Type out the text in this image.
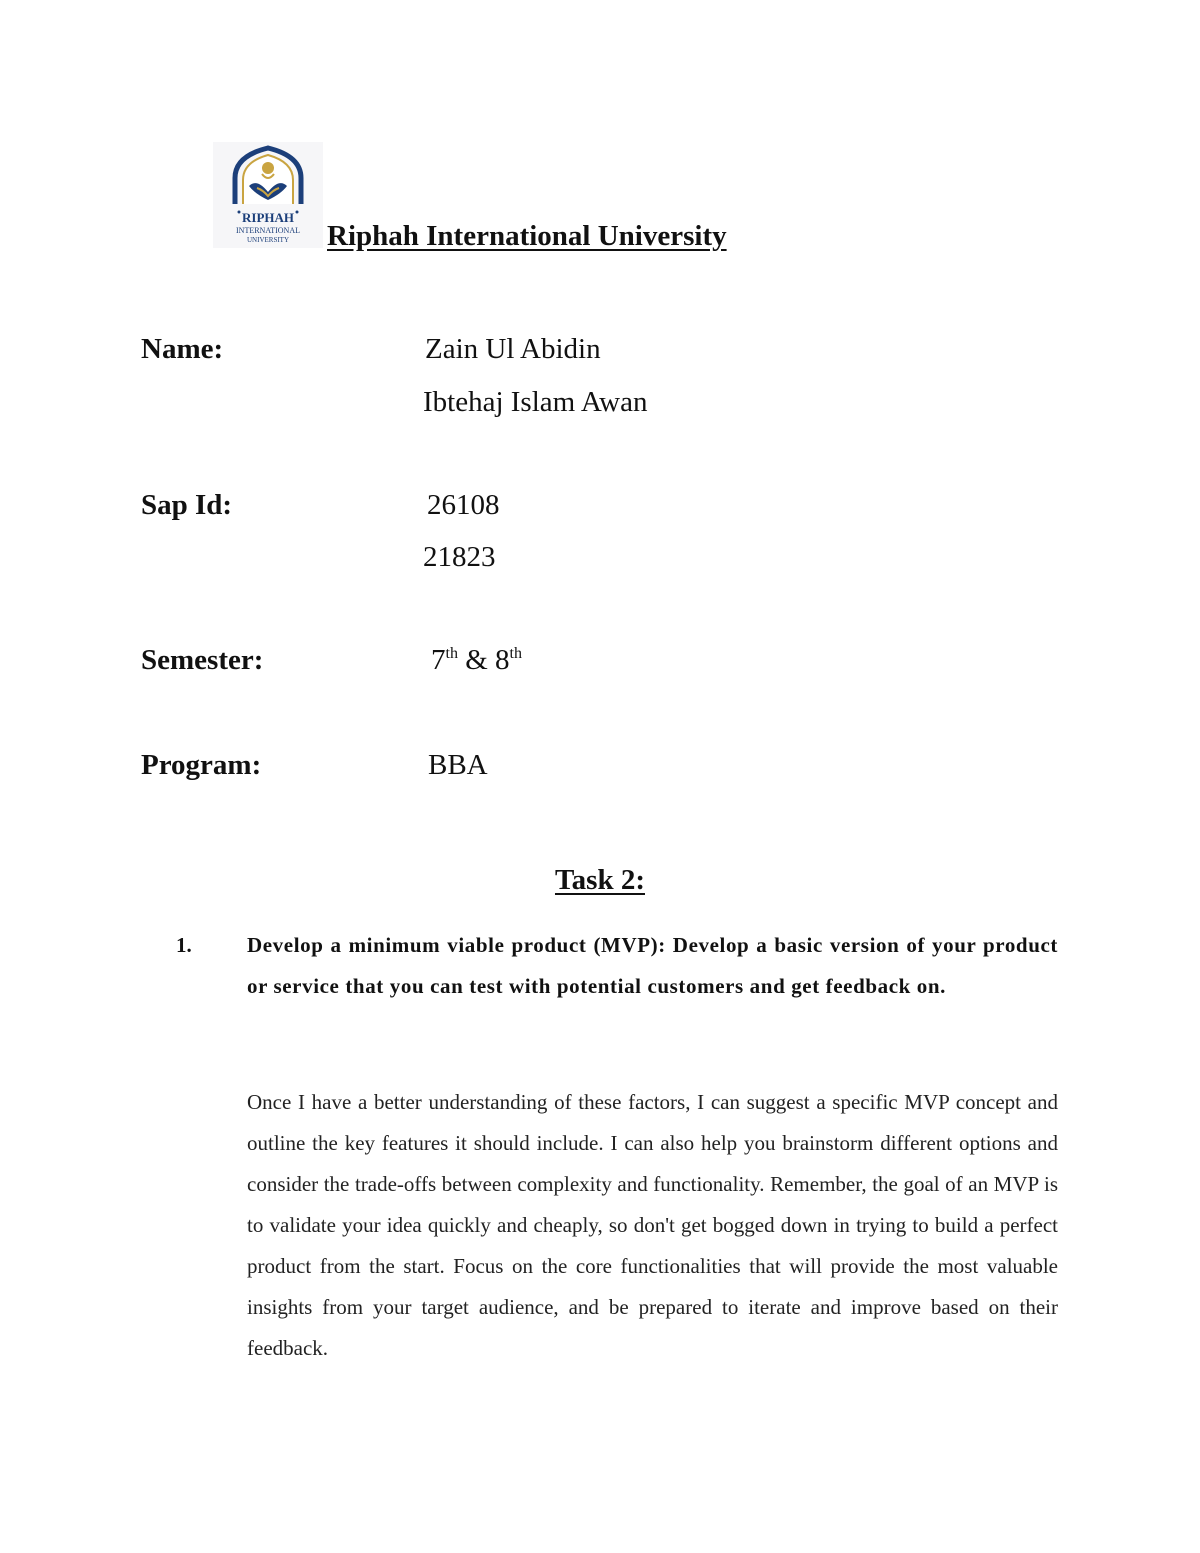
RIPHAH
INTERNATIONAL
UNIVERSITY Riphah International University
Name:	Zain Ul Abidin
Ibtehaj Islam Awan
Sap Id:	26108
21823
Semester:	7th & 8th
Program:	BBA
Task 2:
1.	Develop a minimum viable product (MVP): Develop a basic version of your product or service that you can test with potential customers and get feedback on.
Once I have a better understanding of these factors, I can suggest a specific MVP concept and outline the key features it should include. I can also help you brainstorm different options and consider the trade-offs between complexity and functionality. Remember, the goal of an MVP is to validate your idea quickly and cheaply, so don't get bogged down in trying to build a perfect product from the start. Focus on the core functionalities that will provide the most valuable insights from your target audience, and be prepared to iterate and improve based on their feedback.
